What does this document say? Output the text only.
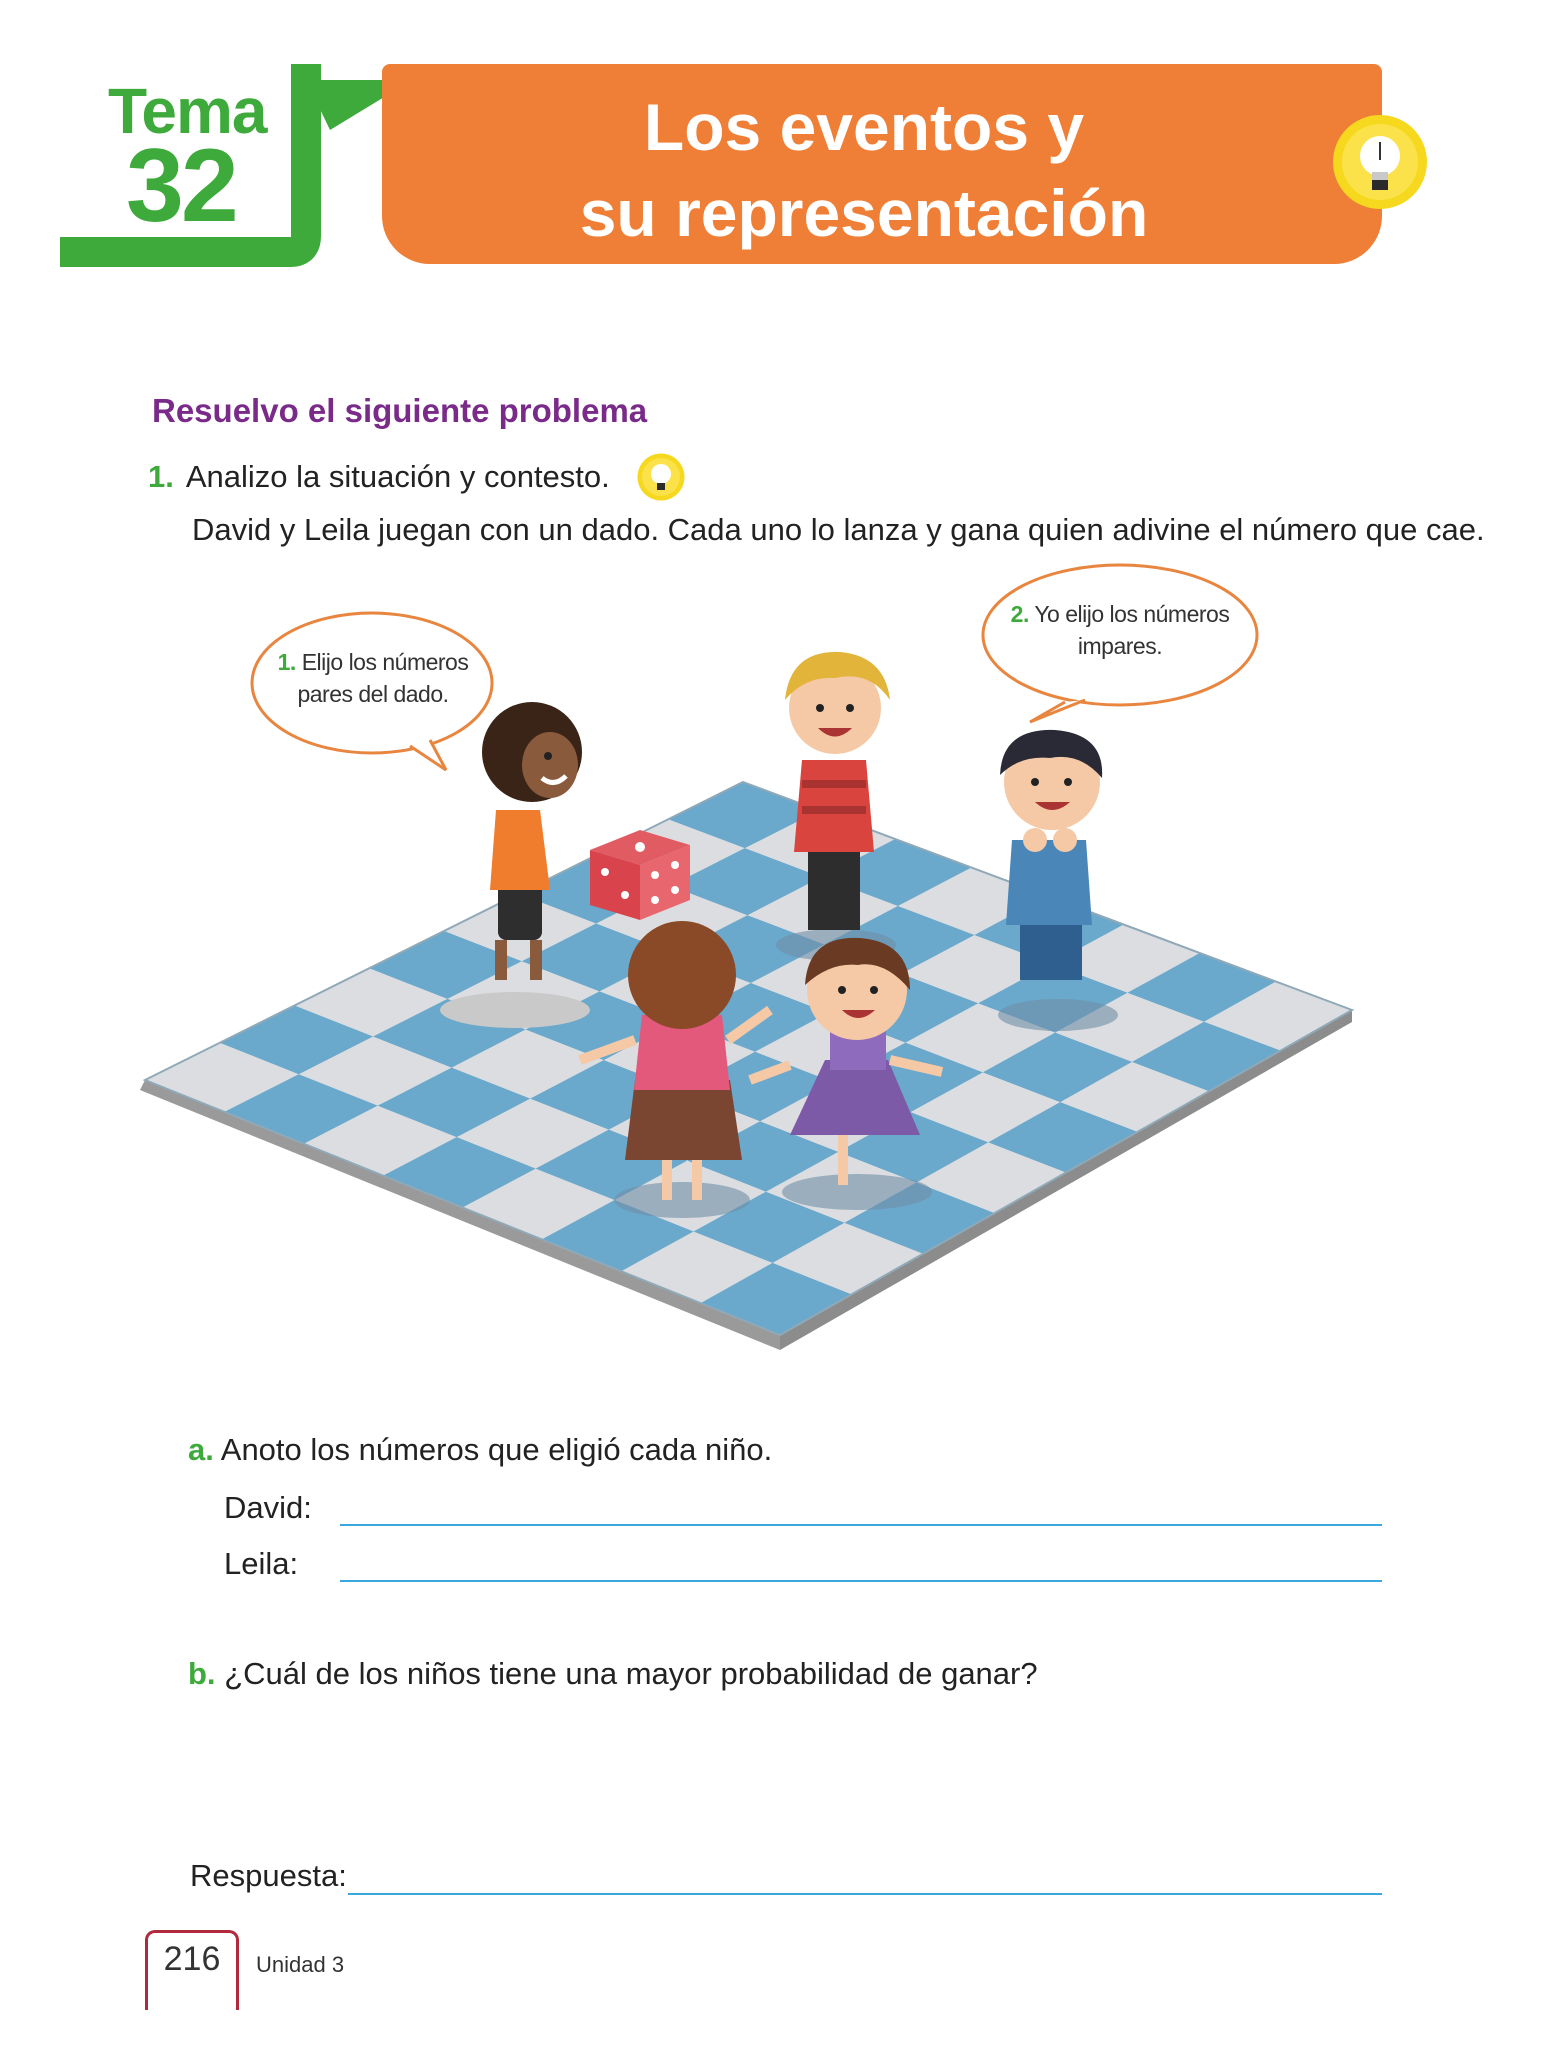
Tema
32
Los eventos y
su representación
Resuelvo el siguiente problema
1. Analizo la situación y contesto.
David y Leila juegan con un dado. Cada uno lo lanza y gana quien adivine el número que cae.
1. Elijo los números
pares del dado.
2. Yo elijo los números
impares.
a. Anoto los números que eligió cada niño.
David:
Leila:
b. ¿Cuál de los niños tiene una mayor probabilidad de ganar?
Respuesta:
216	Unidad 3
